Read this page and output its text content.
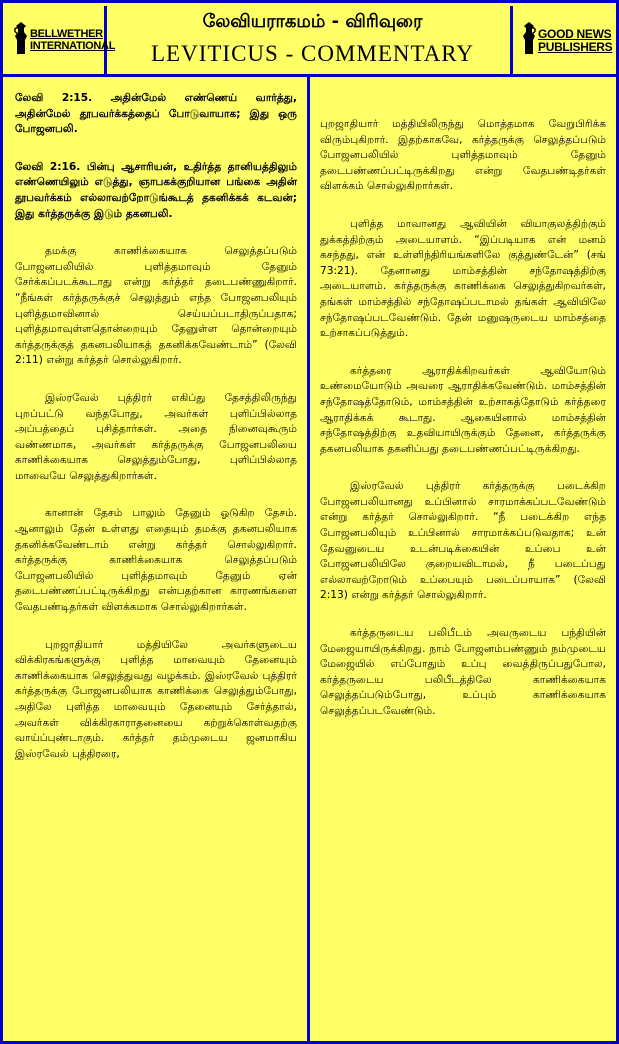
BELLWETHER
INTERNATIONAL
லேவியராகமம் - விரிவுரை
LEVITICUS - COMMENTARY
GOOD NEWS
PUBLISHERS

லேவி 2:15. அதின்மேல் எண்ணெய் வார்த்து, அதின்மேல் தூபவர்க்கத்தைப் போடுவாயாக; இது ஒரு போஜனபலி.

லேவி 2:16. பின்பு ஆசாரியன், உதிர்த்த தானியத்திலும் எண்ணெயிலும் எடுத்து, ஞாபகக்குறியான பங்கை அதின் தூபவர்க்கம் எல்லாவற்றோடுங்கூடத் தகனிக்கக் கடவன்; இது கர்த்தருக்கு இடும் தகனபலி.

தமக்கு காணிக்கையாக செலுத்தப்படும் போஜனபலியில் புளித்தமாவும் தேனும் சேர்க்கப்படக்கூடாது என்று கர்த்தர் தடைபண்ணுகிறார். “நீங்கள் கர்த்தருக்குச் செலுத்தும் எந்த போஜனபலியும் புளித்தமாவினால் செய்யப்படாதிருப்பதாக; புளித்தமாவுள்ளதொன்றையும் தேனுள்ள தொன்றையும் கர்த்தருக்குத் தகனபலியாகத் தகனிக்கவேண்டாம்” (லேவி 2:11) என்று கர்த்தர் சொல்லுகிறார்.

இஸ்ரவேல் புத்திரர் எகிப்து தேசத்திலிருந்து புறப்பட்டு வந்தபோது, அவர்கள் புளிப்பில்லாத அப்பத்தைப் புசித்தார்கள். அதை நினைவுகூரும் வண்ணமாக, அவர்கள் கர்த்தருக்கு போஜனபலியை காணிக்கையாக செலுத்தும்போது, புளிப்பில்லாத மாவையே செலுத்துகிறார்கள்.

கானான் தேசம் பாலும் தேனும் ஓடுகிற தேசம். ஆனாலும் தேன் உள்ளது எதையும் தமக்கு தகனபலியாக தகனிக்கவேண்டாம் என்று கர்த்தர் சொல்லுகிறார். கர்த்தருக்கு காணிக்கையாக செலுத்தப்படும் போஜனபலியில் புளித்தமாவும் தேனும் ஏன் தடைபண்ணப்பட்டிருக்கிறது என்பதற்கான காரணங்களை வேதபண்டிதர்கள் விளக்கமாக சொல்லுகிறார்கள்.

புறஜாதியார் மத்தியிலே அவர்களுடைய விக்கிரகங்களுக்கு புளித்த மாவையும் தேனையும் காணிக்கையாக செலுத்துவது வழக்கம். இஸ்ரவேல் புத்திரர் கர்த்தருக்கு போஜனபலியாக காணிக்கை செலுத்தும்போது, அதிலே புளித்த மாவையும் தேனையும் சேர்த்தால், அவர்கள் விக்கிரகாராதனையை கற்றுக்கொள்வதற்கு வாய்ப்புண்டாகும். கர்த்தர் தம்முடைய ஜனமாகிய இஸ்ரவேல் புத்திரரை,

புறஜாதியார் மத்தியிலிருந்து மொத்தமாக வேறுபிரிக்க விரும்புகிறார். இதற்காகவே, கர்த்தருக்கு செலுத்தப்படும் போஜனபலியில் புளித்தமாவும் தேனும் தடைபண்ணப்பட்டிருக்கிறது என்று வேதபண்டிதர்கள் விளக்கம் சொல்லுகிறார்கள்.

புளித்த மாவானது ஆவியின் வியாகுலத்திற்கும் துக்கத்திற்கும் அடையாளம். “இப்படியாக என் மனம் கசந்தது, என் உள்ளிந்திரியங்களிலே குத்துண்டேன்” (சங் 73:21). தேனானது மாம்சத்தின் சந்தோஷத்திற்கு அடையாளம். கர்த்தருக்கு காணிக்கை செலுத்துகிறவர்கள், தங்கள் மாம்சத்தில் சந்தோஷப்படாமல் தங்கள் ஆவியிலே சந்தோஷப்படவேண்டும். தேன் மனுஷருடைய மாம்சத்தை உற்சாகப்படுத்தும்.

கர்த்தரை ஆராதிக்கிறவர்கள் ஆவியோடும் உண்மையோடும் அவரை ஆராதிக்கவேண்டும். மாம்சத்தின் சந்தோஷத்தோடும், மாம்சத்தின் உற்சாகத்தோடும் கர்த்தரை ஆராதிக்கக் கூடாது. ஆகையினால் மாம்சத்தின் சந்தோஷத்திற்கு உதவியாயிருக்கும் தேனை, கர்த்தருக்கு தகனபலியாக தகனிப்பது தடைபண்ணப்பட்டிருக்கிறது.

இஸ்ரவேல் புத்திரர் கர்த்தருக்கு படைக்கிற போஜனபலியானது உப்பினால் சாரமாக்கப்படவேண்டும் என்று கர்த்தர் சொல்லுகிறார். “நீ படைக்கிற எந்த போஜனபலியும் உப்பினால் சாரமாக்கப்படுவதாக; உன் தேவனுடைய உடன்படிக்கையின் உப்பை உன் போஜனபலியிலே குறையவிடாமல், நீ படைப்பது எல்லாவற்றோடும் உப்பையும் படைப்பாயாக” (லேவி 2:13) என்று கர்த்தர் சொல்லுகிறார்.

கர்த்தருடைய பலிபீடம் அவருடைய பந்தியின் மேஜையாயிருக்கிறது. நாம் போஜனம்பண்ணும் நம்முடைய மேஜையில் எப்போதும் உப்பு வைத்திருப்பதுபோல, கர்த்தருடைய பலிபீடத்திலே காணிக்கையாக செலுத்தப்படும்போது, உப்பும் காணிக்கையாக செலுத்தப்படவேண்டும்.
